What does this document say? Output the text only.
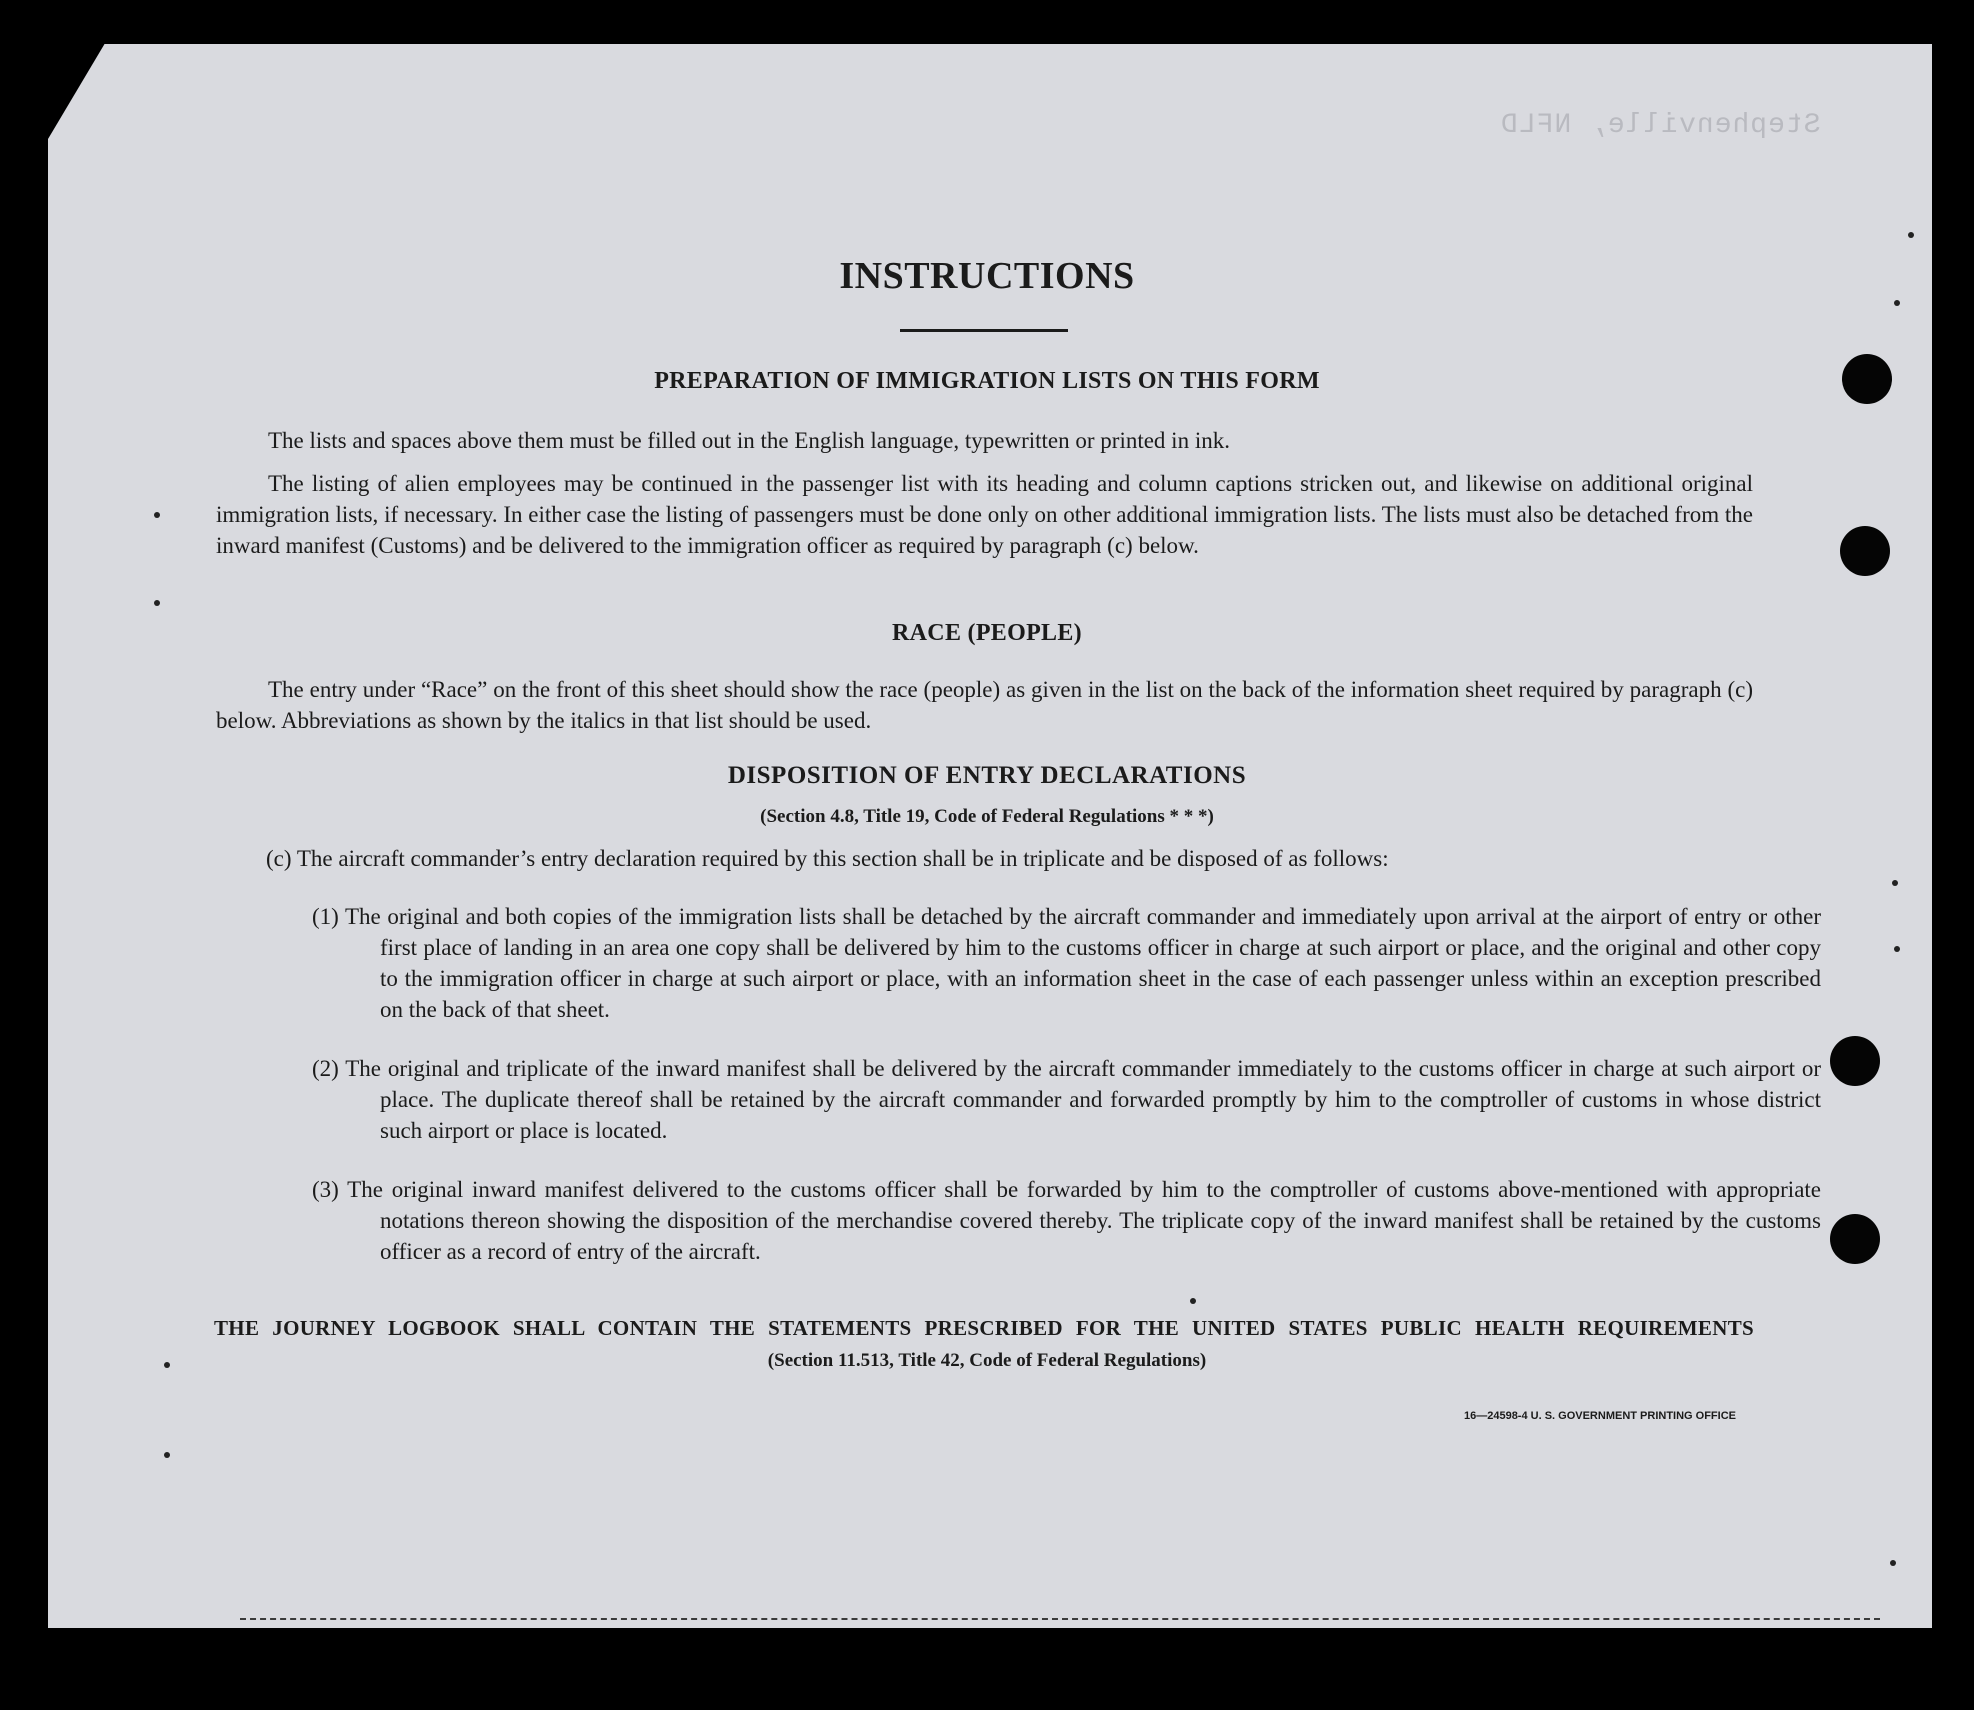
Stephenville, NFLD
INSTRUCTIONS
PREPARATION OF IMMIGRATION LISTS ON THIS FORM

The lists and spaces above them must be filled out in the English language, typewritten or printed in ink.

The listing of alien employees may be continued in the passenger list with its heading and column captions stricken out, and likewise on additional original immigration lists, if necessary. In either case the listing of passengers must be done only on other additional immigration lists. The lists must also be detached from the inward manifest (Customs) and be delivered to the immigration officer as required by paragraph (c) below.

RACE (PEOPLE)

The entry under “Race” on the front of this sheet should show the race (people) as given in the list on the back of the information sheet required by paragraph (c) below. Abbreviations as shown by the italics in that list should be used.

DISPOSITION OF ENTRY DECLARATIONS
(Section 4.8, Title 19, Code of Federal Regulations * * *)

(c) The aircraft commander’s entry declaration required by this section shall be in triplicate and be disposed of as follows:

(1) The original and both copies of the immigration lists shall be detached by the aircraft commander and immediately upon arrival at the airport of entry or other first place of landing in an area one copy shall be delivered by him to the customs officer in charge at such airport or place, and the original and other copy to the immigration officer in charge at such airport or place, with an information sheet in the case of each passenger unless within an exception prescribed on the back of that sheet.

(2) The original and triplicate of the inward manifest shall be delivered by the aircraft commander immediately to the customs officer in charge at such airport or place. The duplicate thereof shall be retained by the aircraft commander and forwarded promptly by him to the comptroller of customs in whose district such airport or place is located.

(3) The original inward manifest delivered to the customs officer shall be forwarded by him to the comptroller of customs above-mentioned with appropriate notations thereon showing the disposition of the merchandise covered thereby. The triplicate copy of the inward manifest shall be retained by the customs officer as a record of entry of the aircraft.

THE JOURNEY LOGBOOK SHALL CONTAIN THE STATEMENTS PRESCRIBED FOR THE UNITED STATES PUBLIC HEALTH REQUIREMENTS
(Section 11.513, Title 42, Code of Federal Regulations)
16—24598-4 U. S. GOVERNMENT PRINTING OFFICE
